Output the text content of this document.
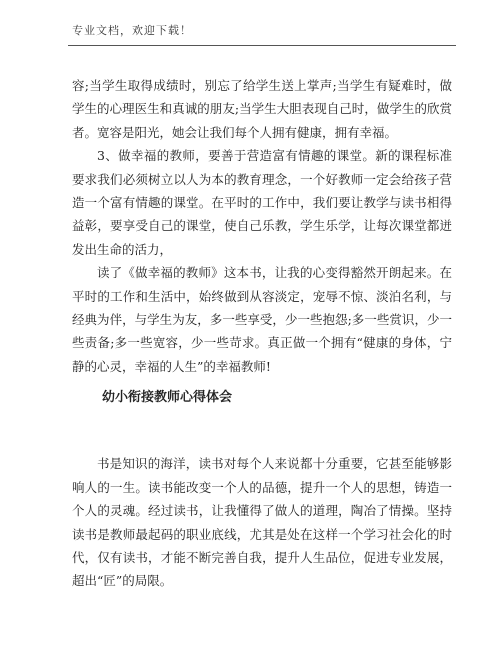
专业文档，欢迎下载！

容;当学生取得成绩时，别忘了给学生送上掌声;当学生有疑难时，做学生的心理医生和真诚的朋友;当学生大胆表现自己时，做学生的欣赏者。宽容是阳光，她会让我们每个人拥有健康，拥有幸福。

3、做幸福的教师，要善于营造富有情趣的课堂。新的课程标准要求我们必须树立以人为本的教育理念，一个好教师一定会给孩子营造一个富有情趣的课堂。在平时的工作中，我们要让教学与读书相得益彰，要享受自己的课堂，使自己乐教，学生乐学，让每次课堂都迸发出生命的活力，

读了《做幸福的教师》这本书，让我的心变得豁然开朗起来。在平时的工作和生活中，始终做到从容淡定，宠辱不惊、淡泊名利，与经典为伴，与学生为友，多一些享受，少一些抱怨;多一些赏识，少一些责备;多一些宽容，少一些苛求。真正做一个拥有“健康的身体，宁静的心灵，幸福的人生”的幸福教师!

幼小衔接教师心得体会

书是知识的海洋，读书对每个人来说都十分重要，它甚至能够影响人的一生。读书能改变一个人的品德，提升一个人的思想，铸造一个人的灵魂。经过读书，让我懂得了做人的道理，陶冶了情操。坚持读书是教师最起码的职业底线，尤其是处在这样一个学习社会化的时代，仅有读书，才能不断完善自我，提升人生品位，促进专业发展，超出“匠”的局限。
